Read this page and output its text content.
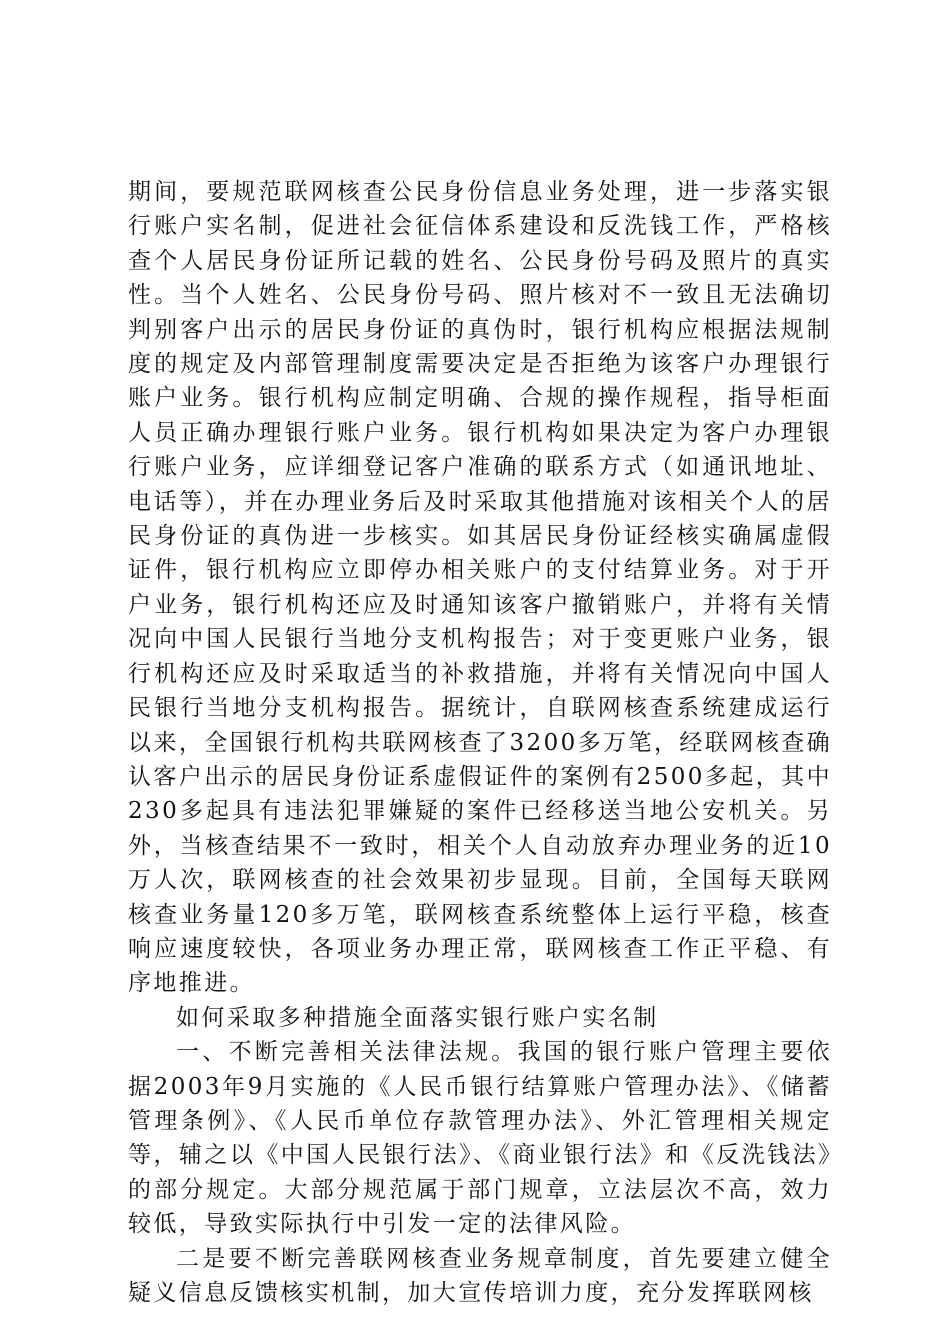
期间，要规范联网核查公民身份信息业务处理，进一步落实银行账户实名制，促进社会征信体系建设和反洗钱工作，严格核查个人居民身份证所记载的姓名、公民身份号码及照片的真实性。当个人姓名、公民身份号码、照片核对不一致且无法确切判别客户出示的居民身份证的真伪时，银行机构应根据法规制度的规定及内部管理制度需要决定是否拒绝为该客户办理银行账户业务。银行机构应制定明确、合规的操作规程，指导柜面人员正确办理银行账户业务。银行机构如果决定为客户办理银行账户业务，应详细登记客户准确的联系方式（如通讯地址、电话等），并在办理业务后及时采取其他措施对该相关个人的居民身份证的真伪进一步核实。如其居民身份证经核实确属虚假证件，银行机构应立即停办相关账户的支付结算业务。对于开户业务，银行机构还应及时通知该客户撤销账户，并将有关情况向中国人民银行当地分支机构报告；对于变更账户业务，银行机构还应及时采取适当的补救措施，并将有关情况向中国人民银行当地分支机构报告。据统计，自联网核查系统建成运行以来，全国银行机构共联网核查了3200多万笔，经联网核查确认客户出示的居民身份证系虚假证件的案例有2500多起，其中230多起具有违法犯罪嫌疑的案件已经移送当地公安机关。另外，当核查结果不一致时，相关个人自动放弃办理业务的近10万人次，联网核查的社会效果初步显现。目前，全国每天联网核查业务量120多万笔，联网核查系统整体上运行平稳，核查响应速度较快，各项业务办理正常，联网核查工作正平稳、有序地推进。

如何采取多种措施全面落实银行账户实名制

一、不断完善相关法律法规。我国的银行账户管理主要依据2003年9月实施的《人民币银行结算账户管理办法》、《储蓄管理条例》、《人民币单位存款管理办法》、外汇管理相关规定等，辅之以《中国人民银行法》、《商业银行法》和《反洗钱法》的部分规定。大部分规范属于部门规章，立法层次不高，效力较低，导致实际执行中引发一定的法律风险。

二是要不断完善联网核查业务规章制度，首先要建立健全疑义信息反馈核实机制，加大宣传培训力度，充分发挥联网核
